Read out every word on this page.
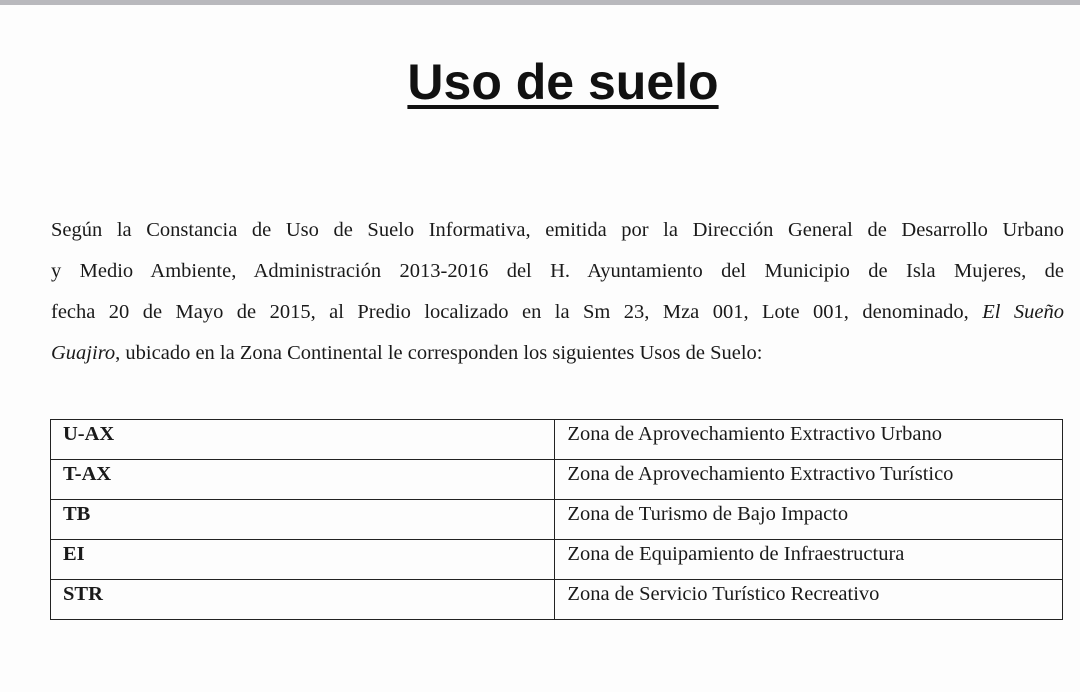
Uso de suelo

Según la Constancia de Uso de Suelo Informativa, emitida por la Dirección General de Desarrollo Urbano
y Medio Ambiente, Administración 2013-2016 del H. Ayuntamiento del Municipio de Isla Mujeres, de
fecha 20 de Mayo de 2015, al Predio localizado en la Sm 23, Mza 001, Lote 001, denominado, El Sueño
Guajiro, ubicado en la Zona Continental le corresponden los siguientes Usos de Suelo:

U-AX	Zona de Aprovechamiento Extractivo Urbano
T-AX	Zona de Aprovechamiento Extractivo Turístico
TB	Zona de Turismo de Bajo Impacto
EI	Zona de Equipamiento de Infraestructura
STR	Zona de Servicio Turístico Recreativo
